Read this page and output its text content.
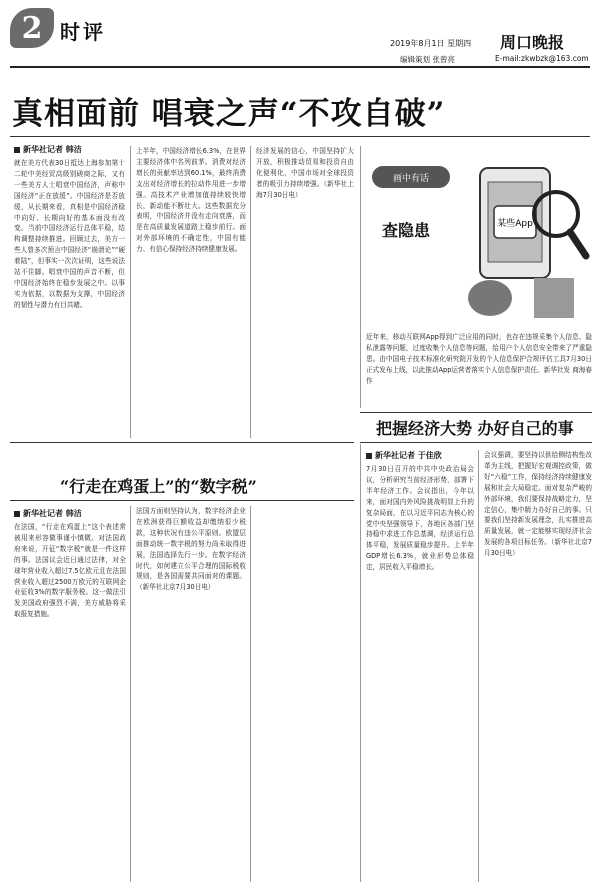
2 时评	2019年8月1日 星期四 周口晚报
编辑策划 张曾亮	E-mail:zkwbzk@163.com
真相面前 唱衰之声“不攻自破”
新华社记者 韩洁
就在美方代表30日抵达上海参加第十二轮中美经贸高级别磋商之际，又有一些美方人士唱衰中国经济，声称中国经济“正在放缓”。中国经济是否放缓，从长期来看，真相是中国经济稳中向好、长期向好的基本面没有改变。当前中国经济运行总体平稳，结构调整持续推进。回顾过去，美方一些人曾多次预言中国经济“崩溃论”“硬着陆”，但事实一次次证明，这些说法站不住脚。唱衰中国的声音不断，但中国经济始终在稳步发展之中。以事实为依据，以数据为支撑，中国经济的韧性与潜力有目共睹。
上半年，中国经济增长6.3%，在世界主要经济体中名列前茅。消费对经济增长的贡献率达到60.1%，最终消费支出对经济增长的拉动作用进一步增强。高技术产业增加值持续较快增长，新动能不断壮大。这些数据充分表明，中国经济并没有走向衰落，而是在高质量发展道路上稳步前行。面对外部环境的不确定性，中国有能力、有信心保持经济持续健康发展。
经济发展的信心，中国坚持扩大开放，积极推动贸易和投资自由化便利化，中国市场对全球投资者的吸引力持续增强。（新华社上海7月30日电）
画中有话
查隐患	某些App
近年来，移动互联网App得到广泛应用的同时，也存在违规采集个人信息、隐私泄露等问题，过度收集个人信息等问题，给用户个人信息安全带来了严重隐患。由中国电子技术标准化研究院开发的个人信息保护合规评估工具7月30日正式发布上线，以此推动App运营者落实个人信息保护责任。新华社发 商海春 作
把握经济大势 办好自己的事
“行走在鸡蛋上”的“数字税”
新华社记者 韩洁
在法国，“行走在鸡蛋上”这个表述常被用来形容做事谨小慎微。对法国政府来说，开征“数字税”就是一件这样的事。法国议会近日通过法律，对全球年营业收入超过7.5亿欧元且在法国营业收入超过2500万欧元的互联网企业征收3%的数字服务税。这一做法引发美国政府强烈不满，美方威胁将采取报复措施。
法国方面则坚持认为，数字经济企业在欧洲获得巨额收益却缴纳很少税款，这种状况有违公平原则。欧盟层面推动统一数字税的努力尚未取得进展，法国选择先行一步。在数字经济时代，如何建立公平合理的国际税收规则，是各国需要共同面对的课题。（新华社北京7月30日电）
新华社记者 于佳欣
7月30日召开的中共中央政治局会议，分析研究当前经济形势，部署下半年经济工作。会议指出，今年以来，面对国内外风险挑战明显上升的复杂局面，在以习近平同志为核心的党中央坚强领导下，各地区各部门坚持稳中求进工作总基调，经济运行总体平稳，发展质量稳步提升。上半年GDP增长6.3%，就业形势总体稳定，居民收入平稳增长。
会议强调，要坚持以供给侧结构性改革为主线，把握好宏观调控政策，做好“六稳”工作，保持经济持续健康发展和社会大局稳定。面对复杂严峻的外部环境，我们要保持战略定力，坚定信心，集中精力办好自己的事。只要我们坚持新发展理念，扎实推进高质量发展，就一定能够实现经济社会发展的各项目标任务。（新华社北京7月30日电）
